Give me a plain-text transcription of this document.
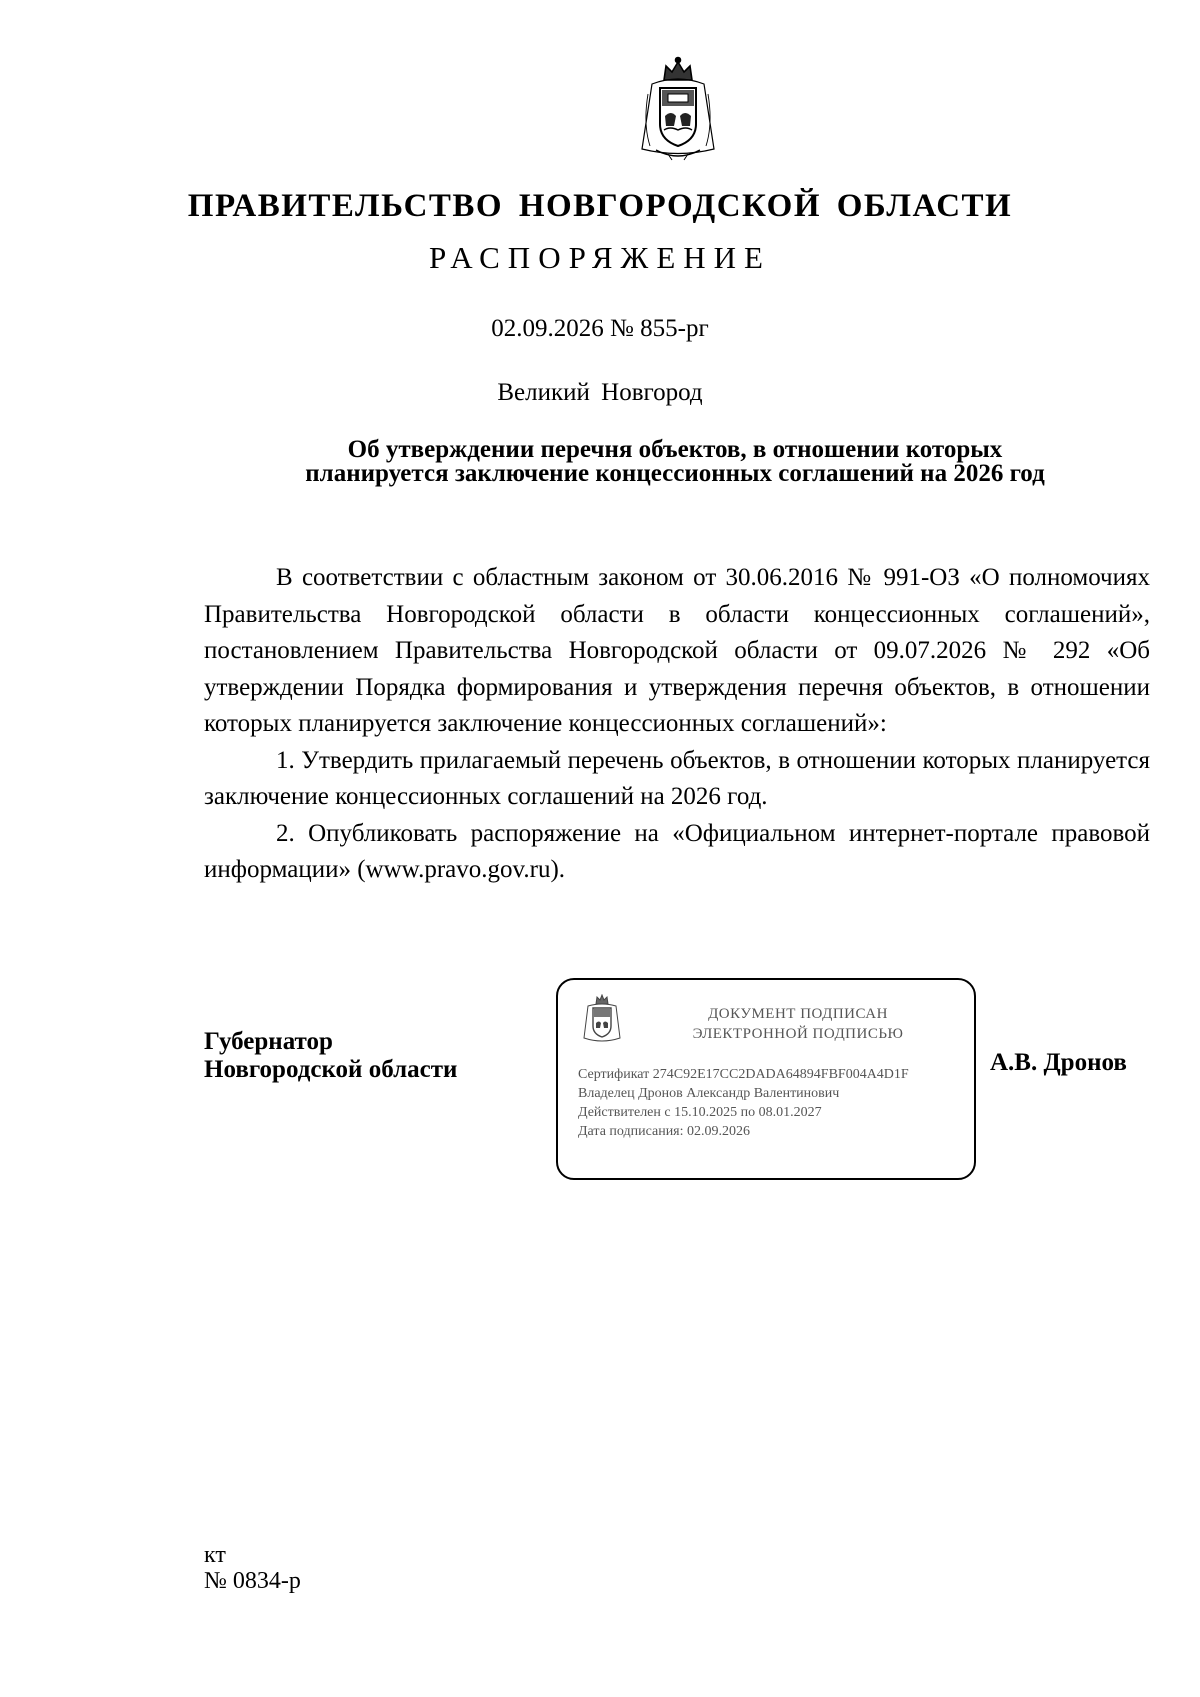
ПРАВИТЕЛЬСТВО НОВГОРОДСКОЙ ОБЛАСТИ
РАСПОРЯЖЕНИЕ
02.09.2026 № 855-рг
Великий Новгород
Об утверждении перечня объектов, в отношении которых
планируется заключение концессионных соглашений на 2026 год

В соответствии с областным законом от 30.06.2016 № 991-ОЗ «О полномочиях Правительства Новгородской области в области концессионных соглашений», постановлением Правительства Новгородской области от 09.07.2026 № 292 «Об утверждении Порядка формирования и утверждения перечня объектов, в отношении которых планируется заключение концессионных соглашений»:

1. Утвердить прилагаемый перечень объектов, в отношении которых планируется заключение концессионных соглашений на 2026 год.

2. Опубликовать распоряжение на «Официальном интернет-портале правовой информации» (www.pravo.gov.ru).

Губернатор
Новгородской области
ДОКУМЕНТ ПОДПИСАН
ЭЛЕКТРОННОЙ ПОДПИСЬЮ
Сертификат 274C92E17CC2DADA64894FBF004A4D1F
Владелец Дронов Александр Валентинович
Действителен с 15.10.2025 по 08.01.2027
Дата подписания: 02.09.2026
А.В. Дронов
кт
№ 0834-р
